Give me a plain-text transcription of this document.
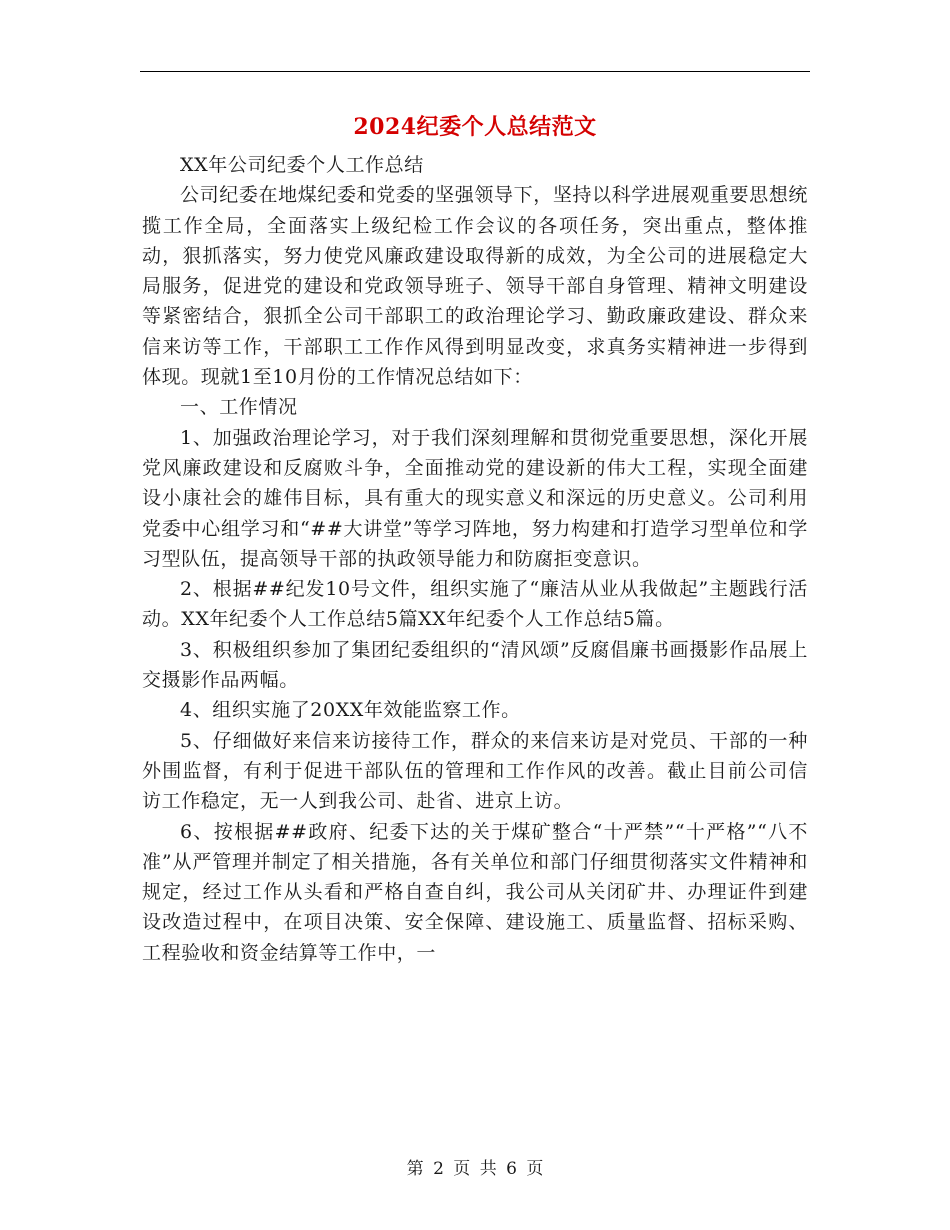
2024纪委个人总结范文

XX年公司纪委个人工作总结

公司纪委在地煤纪委和党委的坚强领导下，坚持以科学进展观重要思想统揽工作全局，全面落实上级纪检工作会议的各项任务，突出重点，整体推动，狠抓落实，努力使党风廉政建设取得新的成效，为全公司的进展稳定大局服务，促进党的建设和党政领导班子、领导干部自身管理、精神文明建设等紧密结合，狠抓全公司干部职工的政治理论学习、勤政廉政建设、群众来信来访等工作，干部职工工作作风得到明显改变，求真务实精神进一步得到体现。现就1至10月份的工作情况总结如下：

一、工作情况

1、加强政治理论学习，对于我们深刻理解和贯彻党重要思想，深化开展党风廉政建设和反腐败斗争，全面推动党的建设新的伟大工程，实现全面建设小康社会的雄伟目标，具有重大的现实意义和深远的历史意义。公司利用党委中心组学习和“##大讲堂”等学习阵地，努力构建和打造学习型单位和学习型队伍，提高领导干部的执政领导能力和防腐拒变意识。

2、根据##纪发10号文件，组织实施了“廉洁从业从我做起”主题践行活动。XX年纪委个人工作总结5篇XX年纪委个人工作总结5篇。

3、积极组织参加了集团纪委组织的“清风颂”反腐倡廉书画摄影作品展上交摄影作品两幅。

4、组织实施了20XX年效能监察工作。

5、仔细做好来信来访接待工作，群众的来信来访是对党员、干部的一种外围监督，有利于促进干部队伍的管理和工作作风的改善。截止目前公司信访工作稳定，无一人到我公司、赴省、进京上访。

6、按根据##政府、纪委下达的关于煤矿整合“十严禁”“十严格”“八不准”从严管理并制定了相关措施，各有关单位和部门仔细贯彻落实文件精神和规定，经过工作从头看和严格自查自纠，我公司从关闭矿井、办理证件到建设改造过程中，在项目决策、安全保障、建设施工、质量监督、招标采购、工程验收和资金结算等工作中，一

第 2 页 共 6 页
